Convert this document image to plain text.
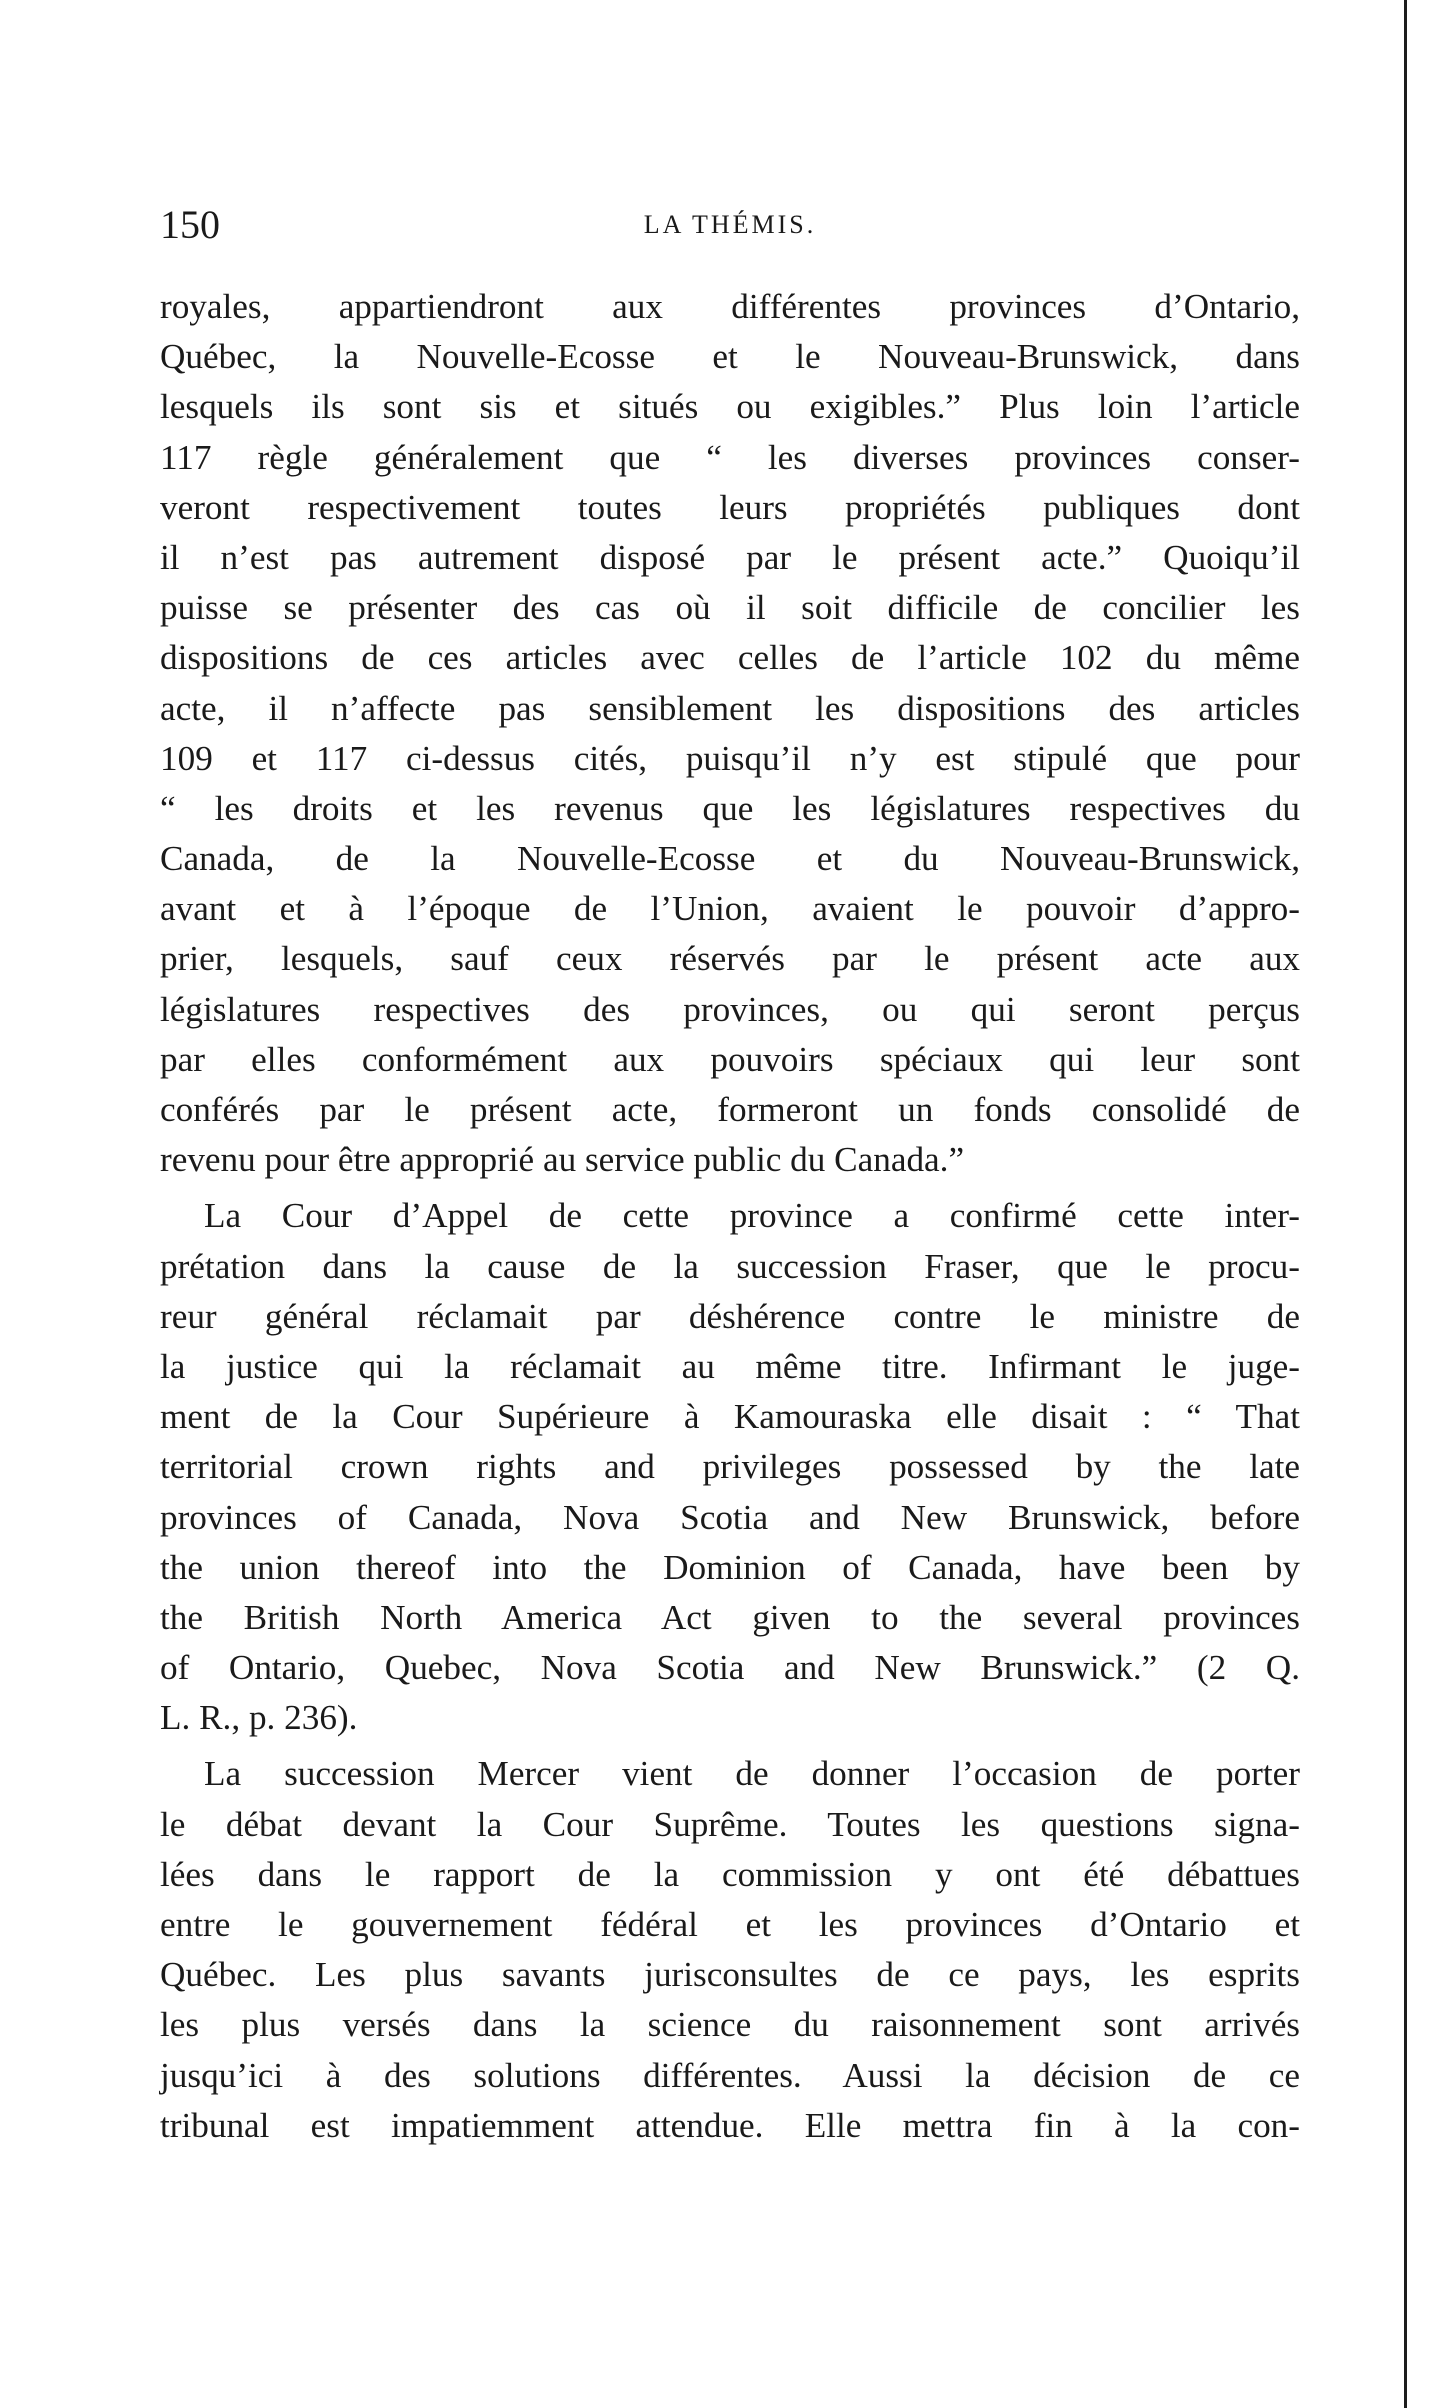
150	LA THÉMIS.
royales, appartiendront aux différentes provinces d’Ontario,
Québec, la Nouvelle-Ecosse et le Nouveau-Brunswick, dans
lesquels ils sont sis et situés ou exigibles.” Plus loin l’article
117 règle généralement que “ les diverses provinces conser-
veront respectivement toutes leurs propriétés publiques dont
il n’est pas autrement disposé par le présent acte.” Quoiqu’il
puisse se présenter des cas où il soit difficile de concilier les
dispositions de ces articles avec celles de l’article 102 du même
acte, il n’affecte pas sensiblement les dispositions des articles
109 et 117 ci-dessus cités, puisqu’il n’y est stipulé que pour
“ les droits et les revenus que les législatures respectives du
Canada, de la Nouvelle-Ecosse et du Nouveau-Brunswick,
avant et à l’époque de l’Union, avaient le pouvoir d’appro-
prier, lesquels, sauf ceux réservés par le présent acte aux
législatures respectives des provinces, ou qui seront perçus
par elles conformément aux pouvoirs spéciaux qui leur sont
conférés par le présent acte, formeront un fonds consolidé de
revenu pour être approprié au service public du Canada.”
La Cour d’Appel de cette province a confirmé cette inter-
prétation dans la cause de la succession Fraser, que le procu-
reur général réclamait par déshérence contre le ministre de
la justice qui la réclamait au même titre. Infirmant le juge-
ment de la Cour Supérieure à Kamouraska elle disait : “ That
territorial crown rights and privileges possessed by the late
provinces of Canada, Nova Scotia and New Brunswick, before
the union thereof into the Dominion of Canada, have been by
the British North America Act given to the several provinces
of Ontario, Quebec, Nova Scotia and New Brunswick.” (2 Q.
L. R., p. 236).
La succession Mercer vient de donner l’occasion de porter
le débat devant la Cour Suprême. Toutes les questions signa-
lées dans le rapport de la commission y ont été débattues
entre le gouvernement fédéral et les provinces d’Ontario et
Québec. Les plus savants jurisconsultes de ce pays, les esprits
les plus versés dans la science du raisonnement sont arrivés
jusqu’ici à des solutions différentes. Aussi la décision de ce
tribunal est impatiemment attendue. Elle mettra fin à la con-
